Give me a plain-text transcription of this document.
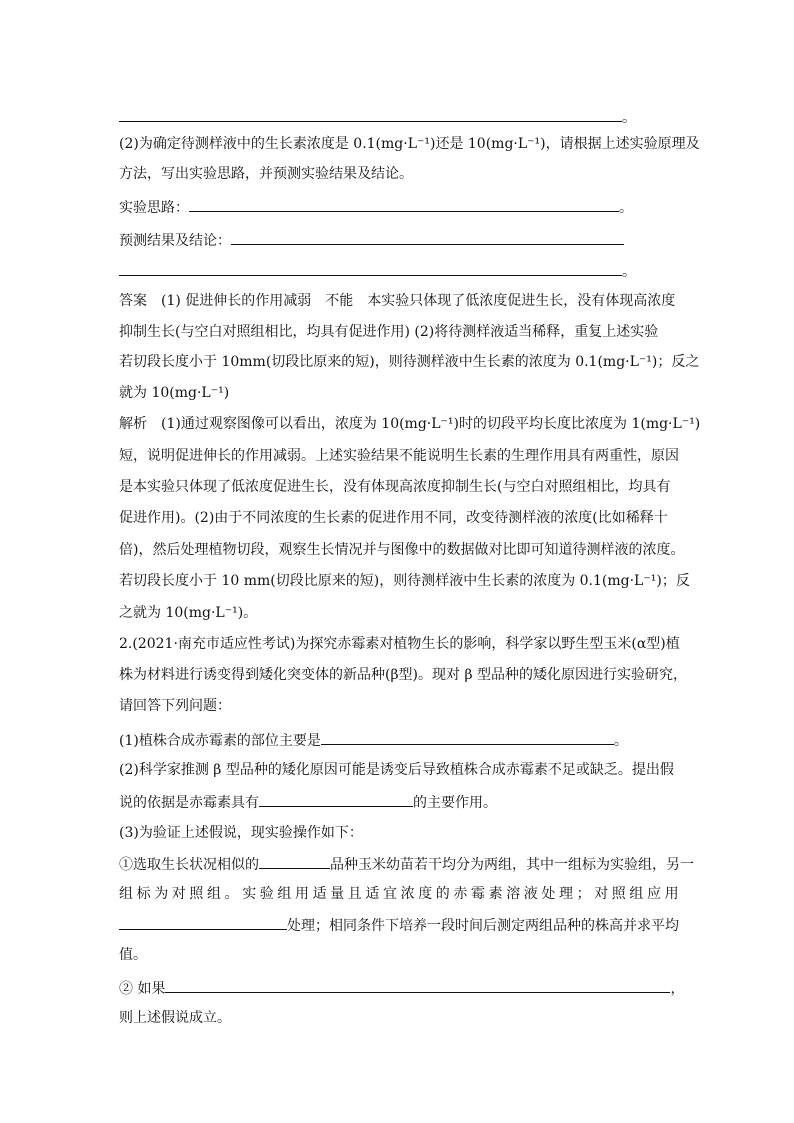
。
(2)为确定待测样液中的生长素浓度是 0.1(mg·L⁻¹)还是 10(mg·L⁻¹)，请根据上述实验原理及
方法，写出实验思路，并预测实验结果及结论。
实验思路：	。
预测结果及结论：
。
答案 (1) 促进伸长的作用减弱 不能 本实验只体现了低浓度促进生长，没有体现高浓度
抑制生长(与空白对照组相比，均具有促进作用) (2)将待测样液适当稀释，重复上述实验
若切段长度小于 10mm(切段比原来的短)，则待测样液中生长素的浓度为 0.1(mg·L⁻¹)；反之
就为 10(mg·L⁻¹)
解析 (1)通过观察图像可以看出，浓度为 10(mg·L⁻¹)时的切段平均长度比浓度为 1(mg·L⁻¹)
短，说明促进伸长的作用减弱。上述实验结果不能说明生长素的生理作用具有两重性，原因
是本实验只体现了低浓度促进生长，没有体现高浓度抑制生长(与空白对照组相比，均具有
促进作用)。(2)由于不同浓度的生长素的促进作用不同，改变待测样液的浓度(比如稀释十
倍)，然后处理植物切段，观察生长情况并与图像中的数据做对比即可知道待测样液的浓度。
若切段长度小于 10 mm(切段比原来的短)，则待测样液中生长素的浓度为 0.1(mg·L⁻¹)；反
之就为 10(mg·L⁻¹)。
2.(2021·南充市适应性考试)为探究赤霉素对植物生长的影响，科学家以野生型玉米(α型)植
株为材料进行诱变得到矮化突变体的新品种(β型)。现对 β 型品种的矮化原因进行实验研究，
请回答下列问题：
(1)植株合成赤霉素的部位主要是	。
(2)科学家推测 β 型品种的矮化原因可能是诱变后导致植株合成赤霉素不足或缺乏。提出假
说的依据是赤霉素具有	的主要作用。
(3)为验证上述假说，现实验操作如下：
①选取生长状况相似的	品种玉米幼苗若干均分为两组，其中一组标为实验组，另一
组标为对照组。实验组用适量且适宜浓度的赤霉素溶液处理；对照组应用
处理；相同条件下培养一段时间后测定两组品种的株高并求平均
值。
② 如果	，
则上述假说成立。
